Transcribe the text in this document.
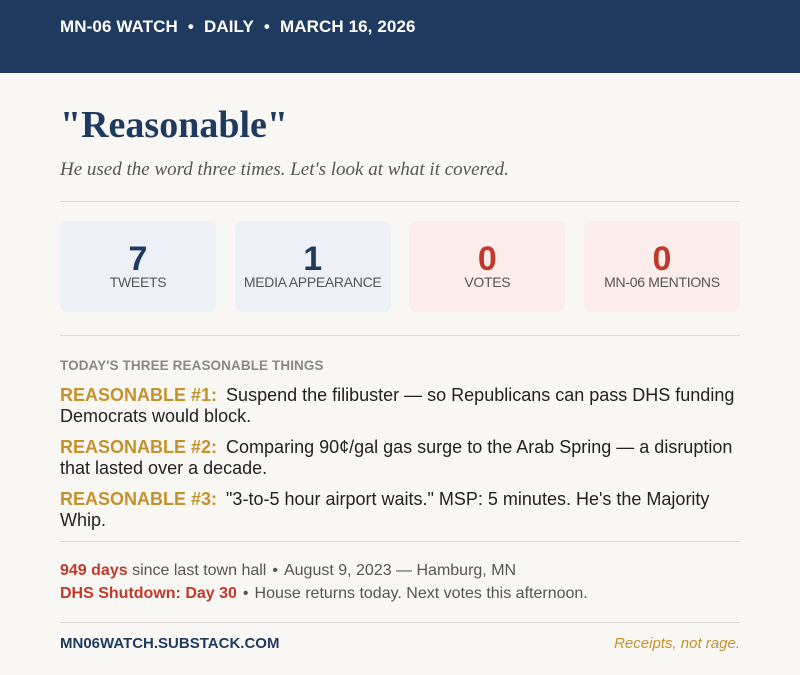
MN-06 WATCH • DAILY • MARCH 16, 2026
"Reasonable"

He used the word three times. Let's look at what it covered.

7
TWEETS
1
MEDIA APPEARANCE
0
VOTES
0
MN-06 MENTIONS
TODAY'S THREE REASONABLE THINGS

REASONABLE #1: Suspend the filibuster — so Republicans can pass DHS funding Democrats would block.

REASONABLE #2: Comparing 90¢/gal gas surge to the Arab Spring — a disruption that lasted over a decade.

REASONABLE #3: "3-to-5 hour airport waits." MSP: 5 minutes. He's the Majority Whip.

949 days since last town hall • August 9, 2023 — Hamburg, MN
DHS Shutdown: Day 30 • House returns today. Next votes this afternoon.
MN06WATCH.SUBSTACK.COM	Receipts, not rage.
